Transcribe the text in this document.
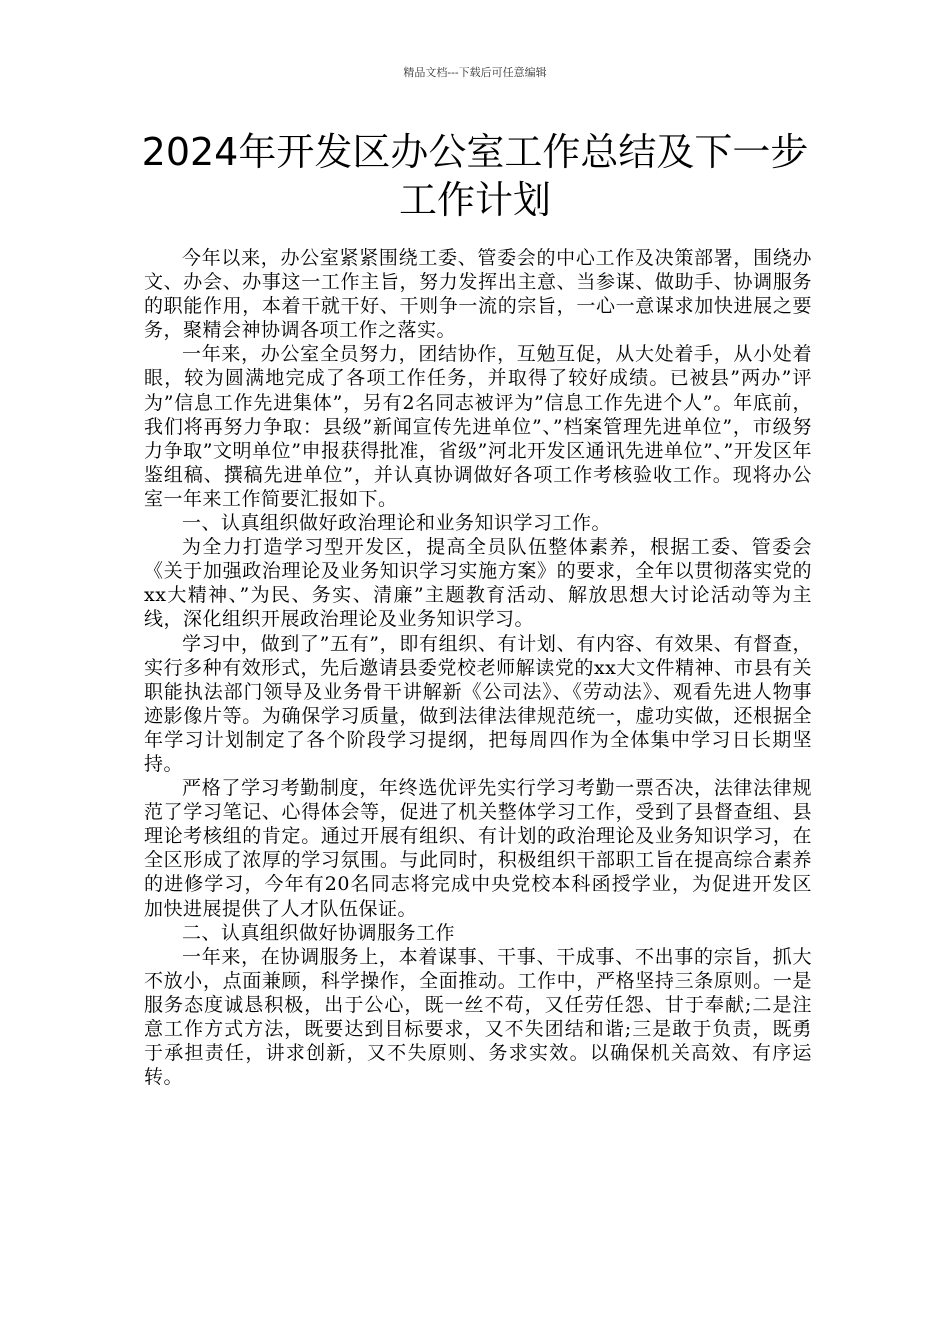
精品文档---下载后可任意编辑
2024年开发区办公室工作总结及下一步
工作计划

今年以来，办公室紧紧围绕工委、管委会的中心工作及决策部署，围绕办文、办会、办事这一工作主旨，努力发挥出主意、当参谋、做助手、协调服务的职能作用，本着干就干好、干则争一流的宗旨，一心一意谋求加快进展之要务，聚精会神协调各项工作之落实。

一年来，办公室全员努力，团结协作，互勉互促，从大处着手，从小处着眼，较为圆满地完成了各项工作任务，并取得了较好成绩。已被县”两办”评为”信息工作先进集体”，另有2名同志被评为”信息工作先进个人”。年底前，我们将再努力争取：县级”新闻宣传先进单位”、”档案管理先进单位”，市级努力争取”文明单位”申报获得批准，省级”河北开发区通讯先进单位”、”开发区年鉴组稿、撰稿先进单位”，并认真协调做好各项工作考核验收工作。现将办公室一年来工作简要汇报如下。

一、认真组织做好政治理论和业务知识学习工作。

为全力打造学习型开发区，提高全员队伍整体素养，根据工委、管委会《关于加强政治理论及业务知识学习实施方案》的要求，全年以贯彻落实党的xx大精神、”为民、务实、清廉”主题教育活动、解放思想大讨论活动等为主线，深化组织开展政治理论及业务知识学习。

学习中，做到了”五有”，即有组织、有计划、有内容、有效果、有督查，实行多种有效形式，先后邀请县委党校老师解读党的xx大文件精神、市县有关职能执法部门领导及业务骨干讲解新《公司法》、《劳动法》、观看先进人物事迹影像片等。为确保学习质量，做到法律法律规范统一，虚功实做，还根据全年学习计划制定了各个阶段学习提纲，把每周四作为全体集中学习日长期坚持。

严格了学习考勤制度，年终选优评先实行学习考勤一票否决，法律法律规范了学习笔记、心得体会等，促进了机关整体学习工作，受到了县督查组、县理论考核组的肯定。通过开展有组织、有计划的政治理论及业务知识学习，在全区形成了浓厚的学习氛围。与此同时，积极组织干部职工旨在提高综合素养的进修学习，今年有20名同志将完成中央党校本科函授学业，为促进开发区加快进展提供了人才队伍保证。

二、认真组织做好协调服务工作

一年来，在协调服务上，本着谋事、干事、干成事、不出事的宗旨，抓大不放小，点面兼顾，科学操作，全面推动。工作中，严格坚持三条原则。一是服务态度诚恳积极，出于公心，既一丝不苟，又任劳任怨、甘于奉献;二是注意工作方式方法，既要达到目标要求，又不失团结和谐;三是敢于负责，既勇于承担责任，讲求创新，又不失原则、务求实效。以确保机关高效、有序运转。
